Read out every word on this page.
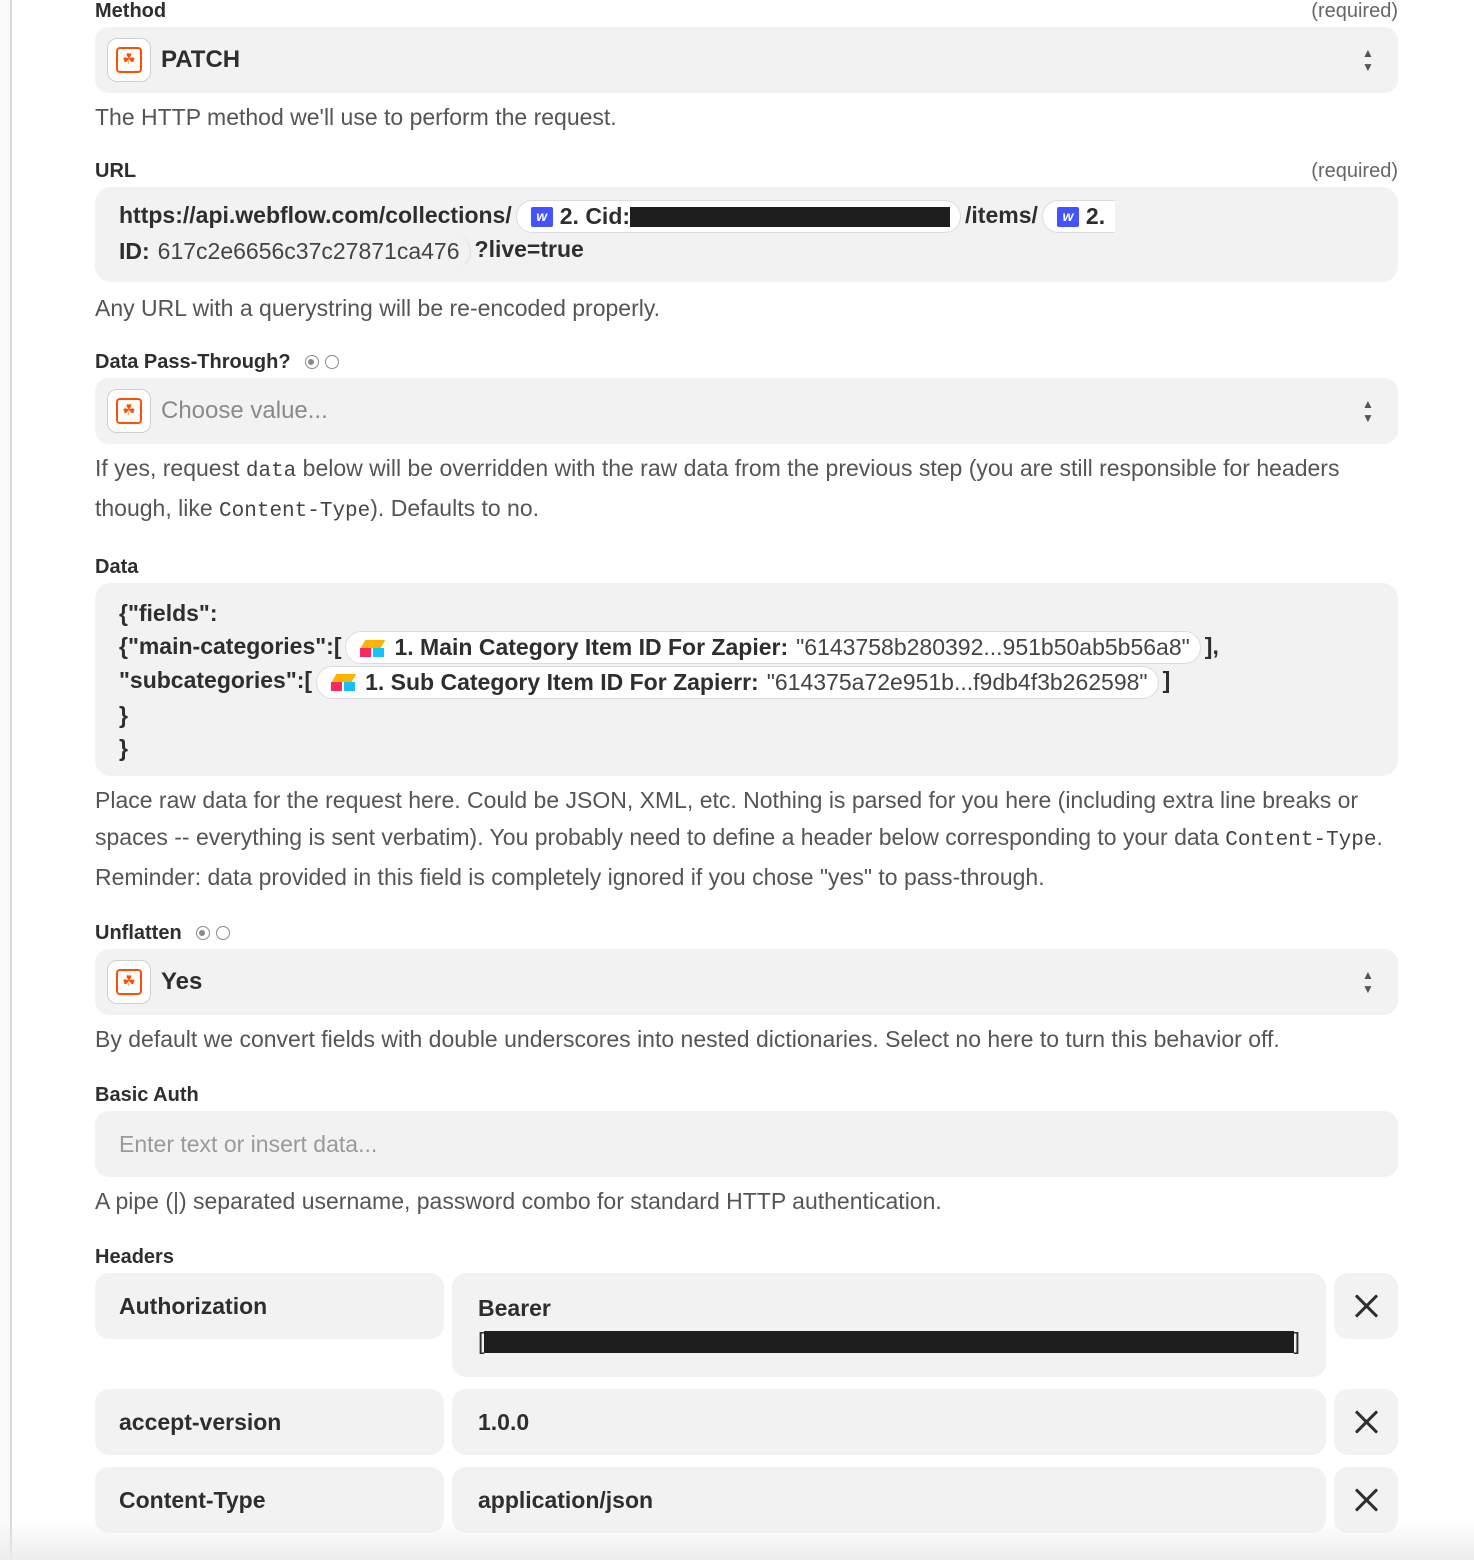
Method	(required)
☘ PATCH	▲
▼
The HTTP method we'll use to perform the request.
URL	(required)
https://api.webflow.com/collections/	w 2. Cid:	/items/	w 2.
ID: 617c2e6656c37c27871ca476 ?live=true
Any URL with a querystring will be re-encoded properly.
Data Pass-Through?
☘ Choose value...	▲
▼
If yes, request data below will be overridden with the raw data from the previous step (you are still responsible for headers though, like Content-Type). Defaults to no.
Data
{"fields":
{"main-categories":[ 1. Main Category Item ID For Zapier: "6143758b280392...951b50ab5b56a8" ],
"subcategories":[ 1. Sub Category Item ID For Zapierr: "614375a72e951b...f9db4f3b262598" ]
}
}
Place raw data for the request here. Could be JSON, XML, etc. Nothing is parsed for you here (including extra line breaks or spaces -- everything is sent verbatim). You probably need to define a header below corresponding to your data Content-Type. Reminder: data provided in this field is completely ignored if you chose "yes" to pass-through.
Unflatten
☘ Yes	▲
▼
By default we convert fields with double underscores into nested dictionaries. Select no here to turn this behavior off.
Basic Auth
Enter text or insert data...
A pipe (|) separated username, password combo for standard HTTP authentication.
Headers
Authorization	Bearer
[	]
accept-version	1.0.0
Content-Type	application/json
